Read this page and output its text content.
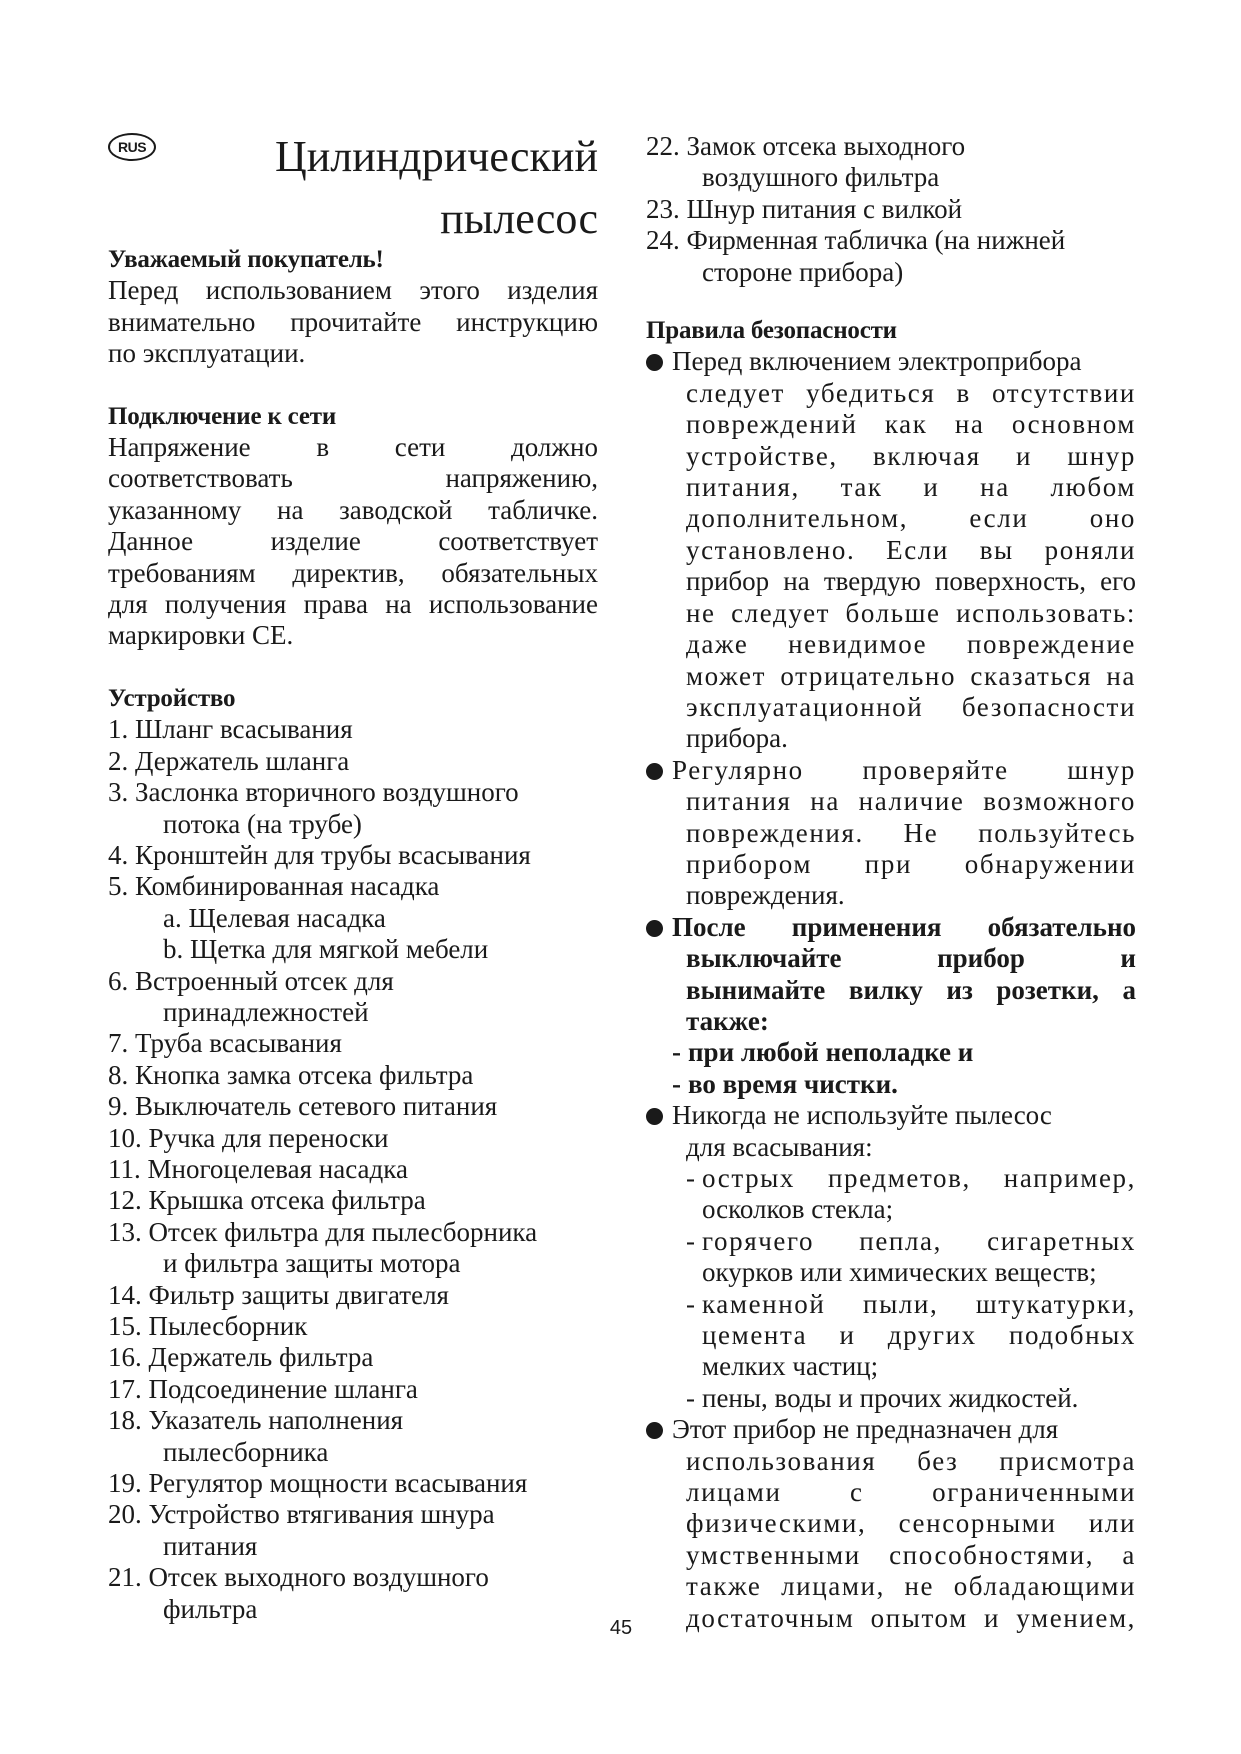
RUS	Цилиндрический
пылесос
Уважаемый покупатель!
Перед использованием этого изделия
внимательно прочитайте инструкцию
по эксплуатации.
Подключение к сети
Напряжение в сети должно
соответствовать напряжению,
указанному на заводской табличке.
Данное изделие соответствует
требованиям директив, обязательных
для получения права на использование
маркировки CE.
Устройство
1. Шланг всасывания
2. Держатель шланга
3. Заслонка вторичного воздушного
потока (на трубе)
4. Кронштейн для трубы всасывания
5. Комбинированная насадка
a. Щелевая насадка
b. Щетка для мягкой мебели
6. Встроенный отсек для
принадлежностей
7. Труба всасывания
8. Кнопка замка отсека фильтра
9. Выключатель сетевого питания
10. Ручка для переноски
11. Многоцелевая насадка
12. Крышка отсека фильтра
13. Отсек фильтра для пылесборника
и фильтра защиты мотора
14. Фильтр защиты двигателя
15. Пылесборник
16. Держатель фильтра
17. Подсоединение шланга
18. Указатель наполнения
пылесборника
19. Регулятор мощности всасывания
20. Устройство втягивания шнура
питания
21. Отсек выходного воздушного
фильтра
22. Замок отсека выходного
воздушного фильтра
23. Шнур питания с вилкой
24. Фирменная табличка (на нижней
стороне прибора)
Правила безопасности
Перед включением электроприбора
следует убедиться в отсутствии
повреждений как на основном
устройстве, включая и шнур
питания, так и на любом
дополнительном, если оно
установлено. Если вы роняли
прибор на твердую поверхность, его
не следует больше использовать:
даже невидимое повреждение
может отрицательно сказаться на
эксплуатационной безопасности
прибора.
Регулярно проверяйте шнур
питания на наличие возможного
повреждения. Не пользуйтесь
прибором при обнаружении
повреждения.
После применения обязательно
выключайте прибор и
вынимайте вилку из розетки, а
также:
- при любой неполадке и
- во время чистки.
Никогда не используйте пылесос
для всасывания:
- острых предметов, например,
осколков стекла;
- горячего пепла, сигаретных
окурков или химических веществ;
- каменной пыли, штукатурки,
цемента и других подобных
мелких частиц;
- пены, воды и прочих жидкостей.
Этот прибор не предназначен для
использования без присмотра
лицами с ограниченными
физическими, сенсорными или
умственными способностями, а
также лицами, не обладающими
достаточным опытом и умением,
45
